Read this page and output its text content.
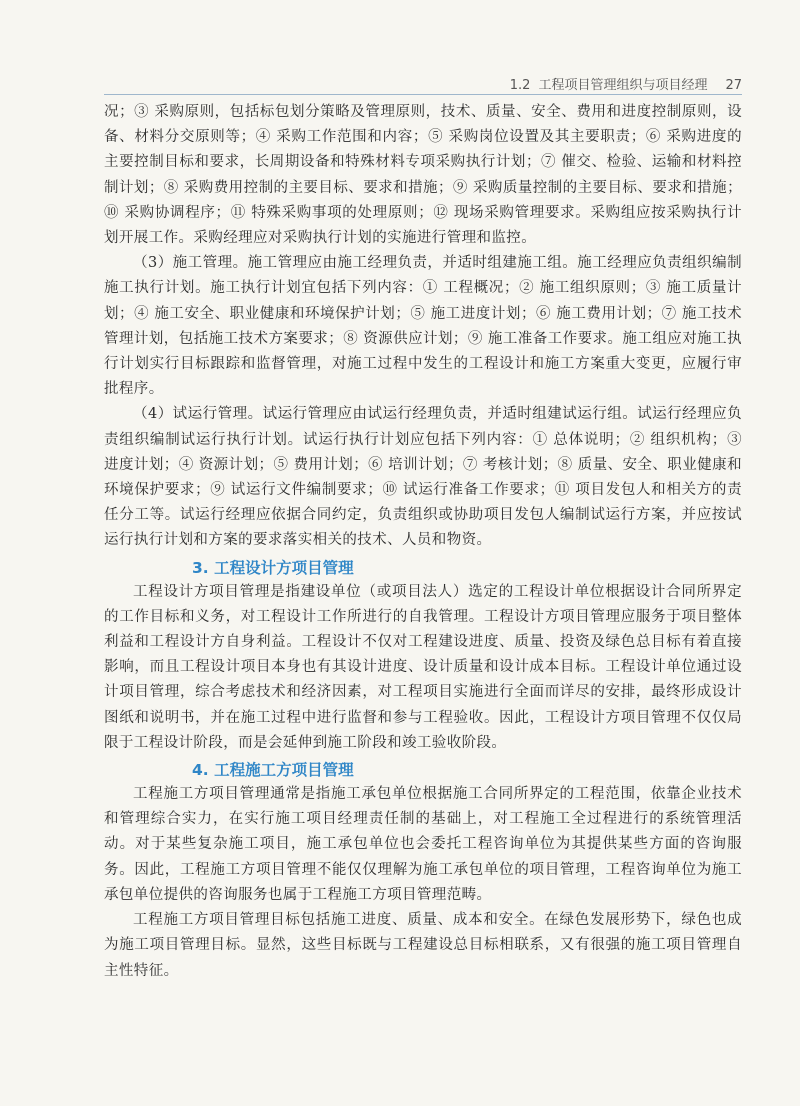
1.2 工程项目管理组织与项目经理 27

况；③ 采购原则，包括标包划分策略及管理原则，技术、质量、安全、费用和进度控制原则，设备、材料分交原则等；④ 采购工作范围和内容；⑤ 采购岗位设置及其主要职责；⑥ 采购进度的主要控制目标和要求，长周期设备和特殊材料专项采购执行计划；⑦ 催交、检验、运输和材料控制计划；⑧ 采购费用控制的主要目标、要求和措施；⑨ 采购质量控制的主要目标、要求和措施；⑩ 采购协调程序；⑪ 特殊采购事项的处理原则；⑫ 现场采购管理要求。采购组应按采购执行计划开展工作。采购经理应对采购执行计划的实施进行管理和监控。

（3）施工管理。施工管理应由施工经理负责，并适时组建施工组。施工经理应负责组织编制施工执行计划。施工执行计划宜包括下列内容：① 工程概况；② 施工组织原则；③ 施工质量计划；④ 施工安全、职业健康和环境保护计划；⑤ 施工进度计划；⑥ 施工费用计划；⑦ 施工技术管理计划，包括施工技术方案要求；⑧ 资源供应计划；⑨ 施工准备工作要求。施工组应对施工执行计划实行目标跟踪和监督管理，对施工过程中发生的工程设计和施工方案重大变更，应履行审批程序。

（4）试运行管理。试运行管理应由试运行经理负责，并适时组建试运行组。试运行经理应负责组织编制试运行执行计划。试运行执行计划应包括下列内容：① 总体说明；② 组织机构；③ 进度计划；④ 资源计划；⑤ 费用计划；⑥ 培训计划；⑦ 考核计划；⑧ 质量、安全、职业健康和环境保护要求；⑨ 试运行文件编制要求；⑩ 试运行准备工作要求；⑪ 项目发包人和相关方的责任分工等。试运行经理应依据合同约定，负责组织或协助项目发包人编制试运行方案，并应按试运行执行计划和方案的要求落实相关的技术、人员和物资。

3. 工程设计方项目管理

工程设计方项目管理是指建设单位（或项目法人）选定的工程设计单位根据设计合同所界定的工作目标和义务，对工程设计工作所进行的自我管理。工程设计方项目管理应服务于项目整体利益和工程设计方自身利益。工程设计不仅对工程建设进度、质量、投资及绿色总目标有着直接影响，而且工程设计项目本身也有其设计进度、设计质量和设计成本目标。工程设计单位通过设计项目管理，综合考虑技术和经济因素，对工程项目实施进行全面而详尽的安排，最终形成设计图纸和说明书，并在施工过程中进行监督和参与工程验收。因此，工程设计方项目管理不仅仅局限于工程设计阶段，而是会延伸到施工阶段和竣工验收阶段。

4. 工程施工方项目管理

工程施工方项目管理通常是指施工承包单位根据施工合同所界定的工程范围，依靠企业技术和管理综合实力，在实行施工项目经理责任制的基础上，对工程施工全过程进行的系统管理活动。对于某些复杂施工项目，施工承包单位也会委托工程咨询单位为其提供某些方面的咨询服务。因此，工程施工方项目管理不能仅仅理解为施工承包单位的项目管理，工程咨询单位为施工承包单位提供的咨询服务也属于工程施工方项目管理范畴。

工程施工方项目管理目标包括施工进度、质量、成本和安全。在绿色发展形势下，绿色也成为施工项目管理目标。显然，这些目标既与工程建设总目标相联系，又有很强的施工项目管理自主性特征。
